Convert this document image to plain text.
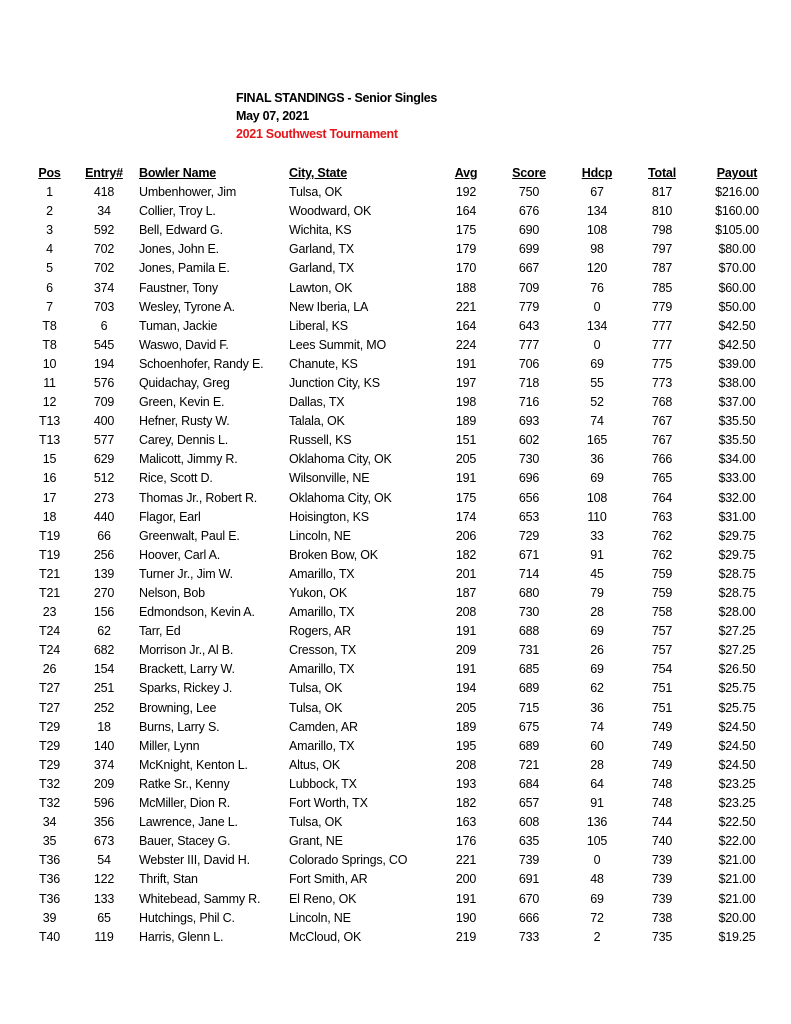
FINAL STANDINGS - Senior Singles
May 07, 2021
2021 Southwest Tournament
Pos	Entry#	Bowler Name	City, State	Avg	Score	Hdcp	Total	Payout
1	418	Umbenhower, Jim	Tulsa, OK	192	750	67	817	$216.00
2	34	Collier, Troy L.	Woodward, OK	164	676	134	810	$160.00
3	592	Bell, Edward G.	Wichita, KS	175	690	108	798	$105.00
4	702	Jones, John E.	Garland, TX	179	699	98	797	$80.00
5	702	Jones, Pamila E.	Garland, TX	170	667	120	787	$70.00
6	374	Faustner, Tony	Lawton, OK	188	709	76	785	$60.00
7	703	Wesley, Tyrone A.	New Iberia, LA	221	779	0	779	$50.00
T8	6	Tuman, Jackie	Liberal, KS	164	643	134	777	$42.50
T8	545	Waswo, David F.	Lees Summit, MO	224	777	0	777	$42.50
10	194	Schoenhofer, Randy E.	Chanute, KS	191	706	69	775	$39.00
11	576	Quidachay, Greg	Junction City, KS	197	718	55	773	$38.00
12	709	Green, Kevin E.	Dallas, TX	198	716	52	768	$37.00
T13	400	Hefner, Rusty W.	Talala, OK	189	693	74	767	$35.50
T13	577	Carey, Dennis L.	Russell, KS	151	602	165	767	$35.50
15	629	Malicott, Jimmy R.	Oklahoma City, OK	205	730	36	766	$34.00
16	512	Rice, Scott D.	Wilsonville, NE	191	696	69	765	$33.00
17	273	Thomas Jr., Robert R.	Oklahoma City, OK	175	656	108	764	$32.00
18	440	Flagor, Earl	Hoisington, KS	174	653	110	763	$31.00
T19	66	Greenwalt, Paul E.	Lincoln, NE	206	729	33	762	$29.75
T19	256	Hoover, Carl A.	Broken Bow, OK	182	671	91	762	$29.75
T21	139	Turner Jr., Jim W.	Amarillo, TX	201	714	45	759	$28.75
T21	270	Nelson, Bob	Yukon, OK	187	680	79	759	$28.75
23	156	Edmondson, Kevin A.	Amarillo, TX	208	730	28	758	$28.00
T24	62	Tarr, Ed	Rogers, AR	191	688	69	757	$27.25
T24	682	Morrison Jr., Al B.	Cresson, TX	209	731	26	757	$27.25
26	154	Brackett, Larry W.	Amarillo, TX	191	685	69	754	$26.50
T27	251	Sparks, Rickey J.	Tulsa, OK	194	689	62	751	$25.75
T27	252	Browning, Lee	Tulsa, OK	205	715	36	751	$25.75
T29	18	Burns, Larry S.	Camden, AR	189	675	74	749	$24.50
T29	140	Miller, Lynn	Amarillo, TX	195	689	60	749	$24.50
T29	374	McKnight, Kenton L.	Altus, OK	208	721	28	749	$24.50
T32	209	Ratke Sr., Kenny	Lubbock, TX	193	684	64	748	$23.25
T32	596	McMiller, Dion R.	Fort Worth, TX	182	657	91	748	$23.25
34	356	Lawrence, Jane L.	Tulsa, OK	163	608	136	744	$22.50
35	673	Bauer, Stacey G.	Grant, NE	176	635	105	740	$22.00
T36	54	Webster III, David H.	Colorado Springs, CO	221	739	0	739	$21.00
T36	122	Thrift, Stan	Fort Smith, AR	200	691	48	739	$21.00
T36	133	Whitebead, Sammy R.	El Reno, OK	191	670	69	739	$21.00
39	65	Hutchings, Phil C.	Lincoln, NE	190	666	72	738	$20.00
T40	119	Harris, Glenn L.	McCloud, OK	219	733	2	735	$19.25
